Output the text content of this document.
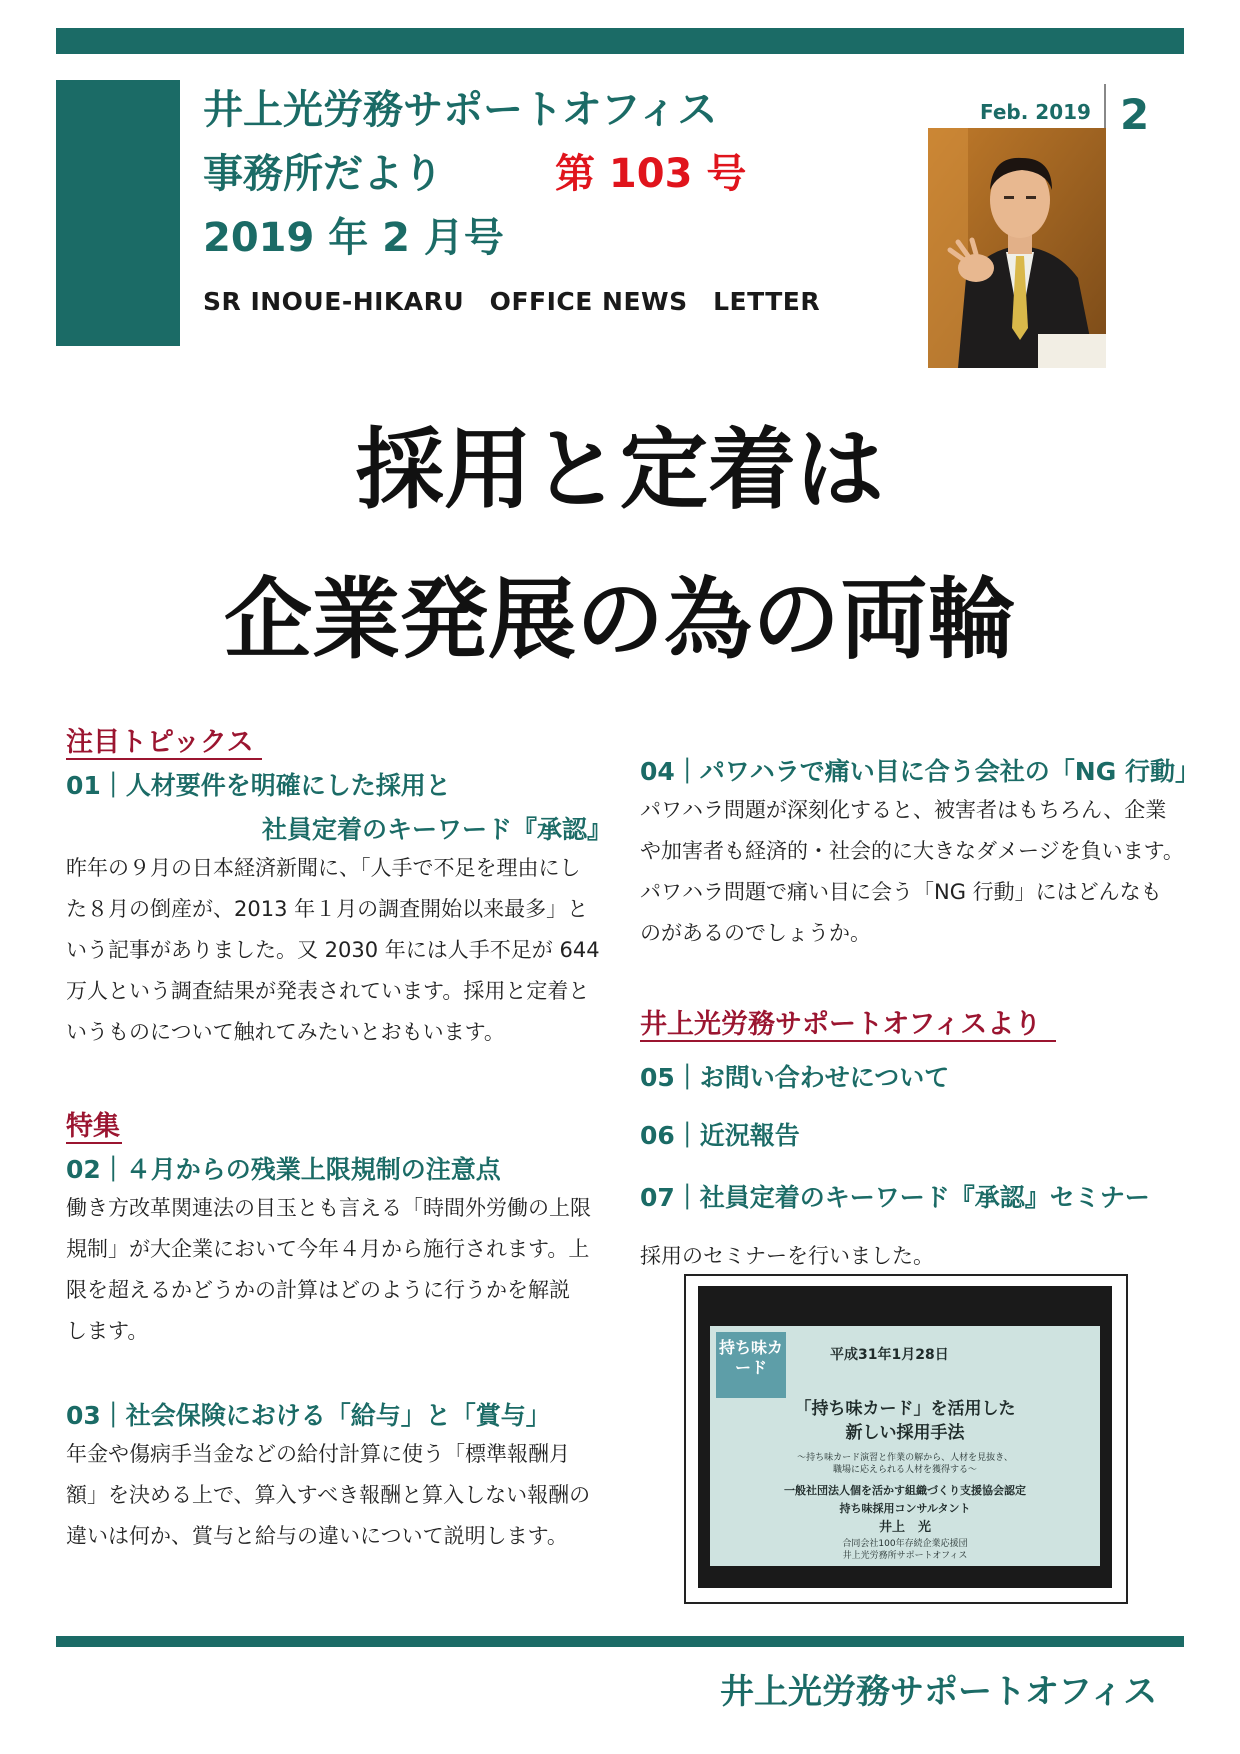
井上光労務サポートオフィス
事務所だより	第 103 号
2019 年 2 月号
SR INOUE-HIKARU　OFFICE NEWS　LETTER
Feb. 2019 2
採用と定着は
企業発展の為の両輪
注目トピックス
01｜人材要件を明確にした採用と
社員定着のキーワード『承認』
昨年の９月の日本経済新聞に、「人手で不足を理由にし
た８月の倒産が、2013 年１月の調査開始以来最多」と
いう記事がありました。又 2030 年には人手不足が 644
万人という調査結果が発表されています。採用と定着と
いうものについて触れてみたいとおもいます。
特集
02｜４月からの残業上限規制の注意点
働き方改革関連法の目玉とも言える「時間外労働の上限
規制」が大企業において今年４月から施行されます。上
限を超えるかどうかの計算はどのように行うかを解説
します。
03｜社会保険における「給与」と「賞与」
年金や傷病手当金などの給付計算に使う「標準報酬月
額」を決める上で、算入すべき報酬と算入しない報酬の
違いは何か、賞与と給与の違いについて説明します。
04｜パワハラで痛い目に合う会社の「NG 行動」
パワハラ問題が深刻化すると、被害者はもちろん、企業
や加害者も経済的・社会的に大きなダメージを負います。
パワハラ問題で痛い目に会う「NG 行動」にはどんなも
のがあるのでしょうか。
井上光労務サポートオフィスより
05｜お問い合わせについて
06｜近況報告
07｜社員定着のキーワード『承認』セミナー
採用のセミナーを行いました。
持ち味カード
平成31年1月28日
「持ち味カード」を活用した
新しい採用手法
～持ち味カード演習と作業の解から、人材を見抜き、
職場に応えられる人材を獲得する～
一般社団法人個を活かす組織づくり支援協会認定
持ち味採用コンサルタント
井上　光
合同会社100年存続企業応援団
井上光労務所サポートオフィス
井上光労務サポートオフィス
